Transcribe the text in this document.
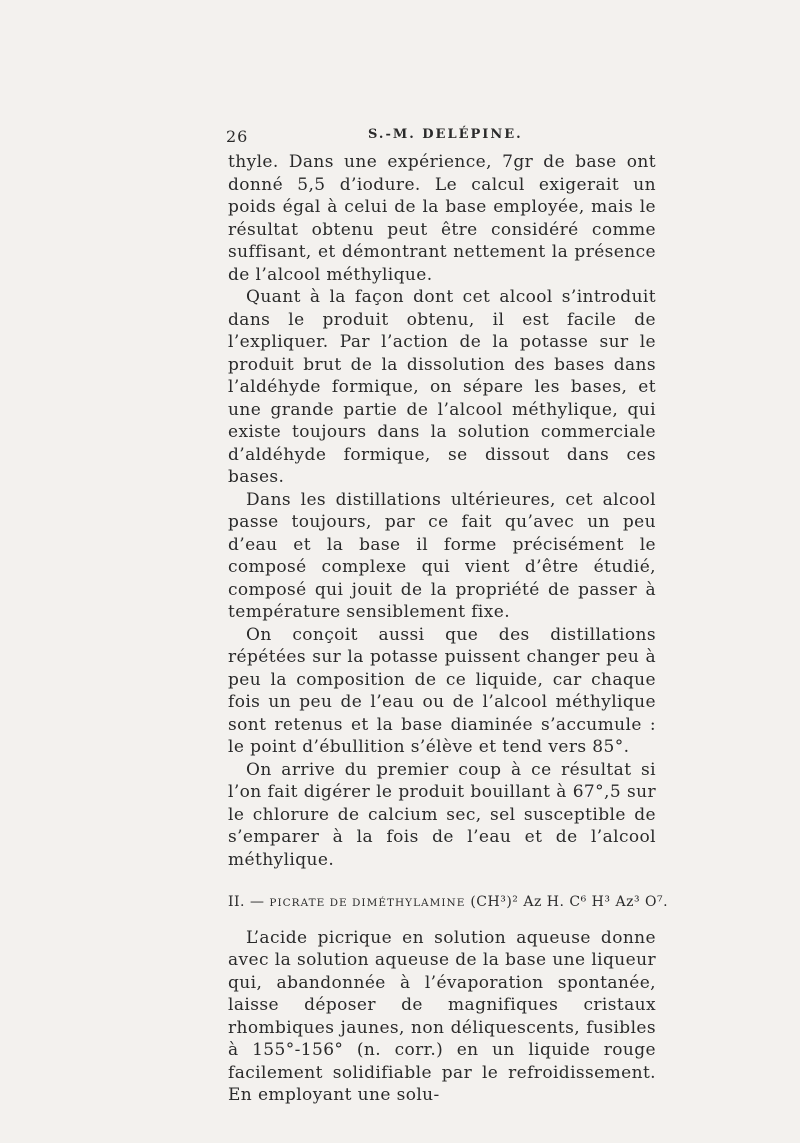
26	S.-M. DELÉPINE.

thyle. Dans une expérience, 7gr de base ont donné 5,5 d’iodure. Le calcul exigerait un poids égal à celui de la base employée, mais le résultat obtenu peut être considéré comme suffisant, et démontrant nettement la présence de l’alcool méthylique.

Quant à la façon dont cet alcool s’introduit dans le produit obtenu, il est facile de l’expliquer. Par l’action de la potasse sur le produit brut de la dissolution des bases dans l’aldéhyde formique, on sépare les bases, et une grande partie de l’alcool méthylique, qui existe toujours dans la solution commerciale d’aldéhyde formique, se dissout dans ces bases.

Dans les distillations ultérieures, cet alcool passe toujours, par ce fait qu’avec un peu d’eau et la base il forme précisément le composé complexe qui vient d’être étudié, composé qui jouit de la propriété de passer à température sensiblement fixe.

On conçoit aussi que des distillations répétées sur la potasse puissent changer peu à peu la composition de ce liquide, car chaque fois un peu de l’eau ou de l’alcool méthylique sont retenus et la base diaminée s’accumule : le point d’ébullition s’élève et tend vers 85°.

On arrive du premier coup à ce résultat si l’on fait digérer le produit bouillant à 67°,5 sur le chlorure de calcium sec, sel susceptible de s’emparer à la fois de l’eau et de l’alcool méthylique.

II. — PICRATE DE DIMÉTHYLAMINE (CH³)² Az H. C⁶ H³ Az³ O⁷.

L’acide picrique en solution aqueuse donne avec la solution aqueuse de la base une liqueur qui, abandonnée à l’évaporation spontanée, laisse déposer de magnifiques cristaux rhombiques jaunes, non déliquescents, fusibles à 155°-156° (n. corr.) en un liquide rouge facilement solidifiable par le refroidissement. En employant une solu-
